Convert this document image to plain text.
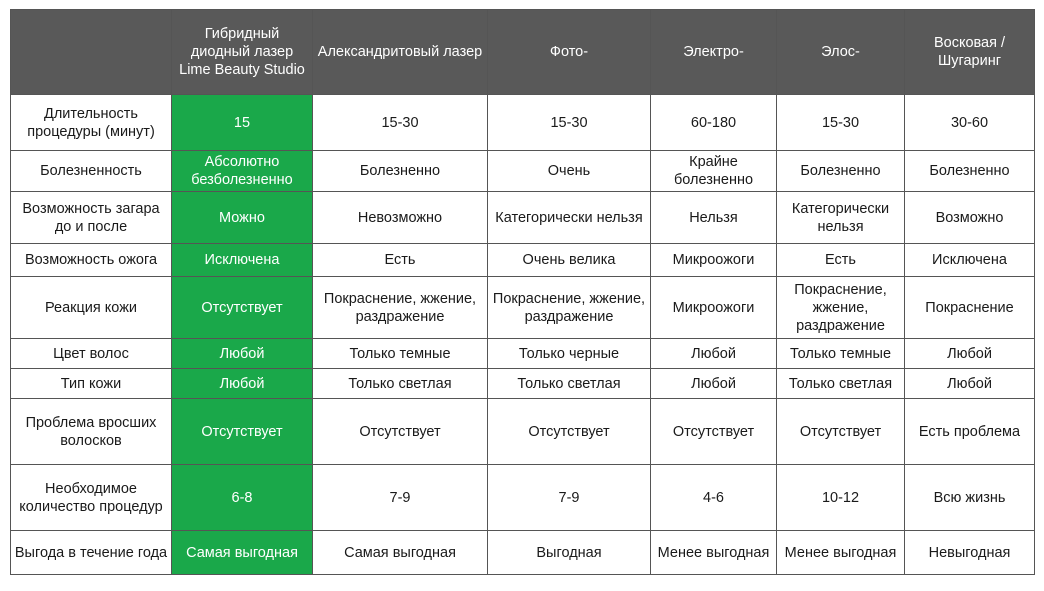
	Гибридный диодный лазер Lime Beauty Studio	Александритовый лазер	Фото-	Электро-	Элос-	Восковая / Шугаринг
Длительность процедуры (минут)	15	15-30	15-30	60-180	15-30	30-60
Болезненность	Абсолютно безболезненно	Болезненно	Очень	Крайне болезненно	Болезненно	Болезненно
Возможность загара до и после	Можно	Невозможно	Категорически нельзя	Нельзя	Категорически нельзя	Возможно
Возможность ожога	Исключена	Есть	Очень велика	Микроожоги	Есть	Исключена
Реакция кожи	Отсутствует	Покраснение, жжение, раздражение	Покраснение, жжение, раздражение	Микроожоги	Покраснение, жжение, раздражение	Покраснение
Цвет волос	Любой	Только темные	Только черные	Любой	Только темные	Любой
Тип кожи	Любой	Только светлая	Только светлая	Любой	Только светлая	Любой
Проблема вросших волосков	Отсутствует	Отсутствует	Отсутствует	Отсутствует	Отсутствует	Есть проблема
Необходимое количество процедур	6-8	7-9	7-9	4-6	10-12	Всю жизнь
Выгода в течение года	Самая выгодная	Самая выгодная	Выгодная	Менее выгодная	Менее выгодная	Невыгодная
